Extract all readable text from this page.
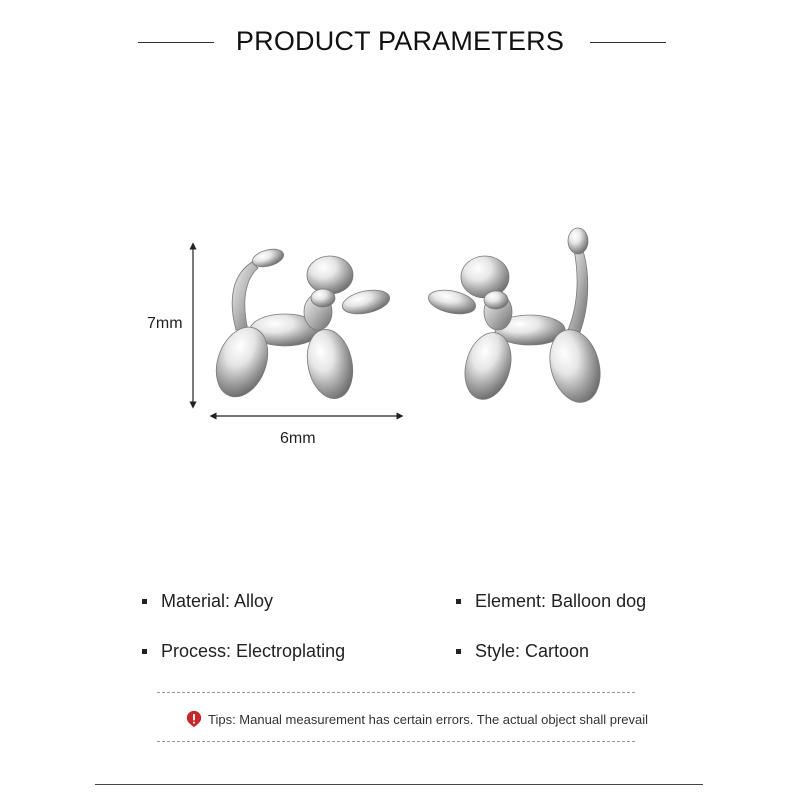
PRODUCT PARAMETERS
7mm
6mm
Material: Alloy	Element: Balloon dog
Process: Electroplating	Style: Cartoon
Tips: Manual measurement has certain errors. The actual object shall prevail
